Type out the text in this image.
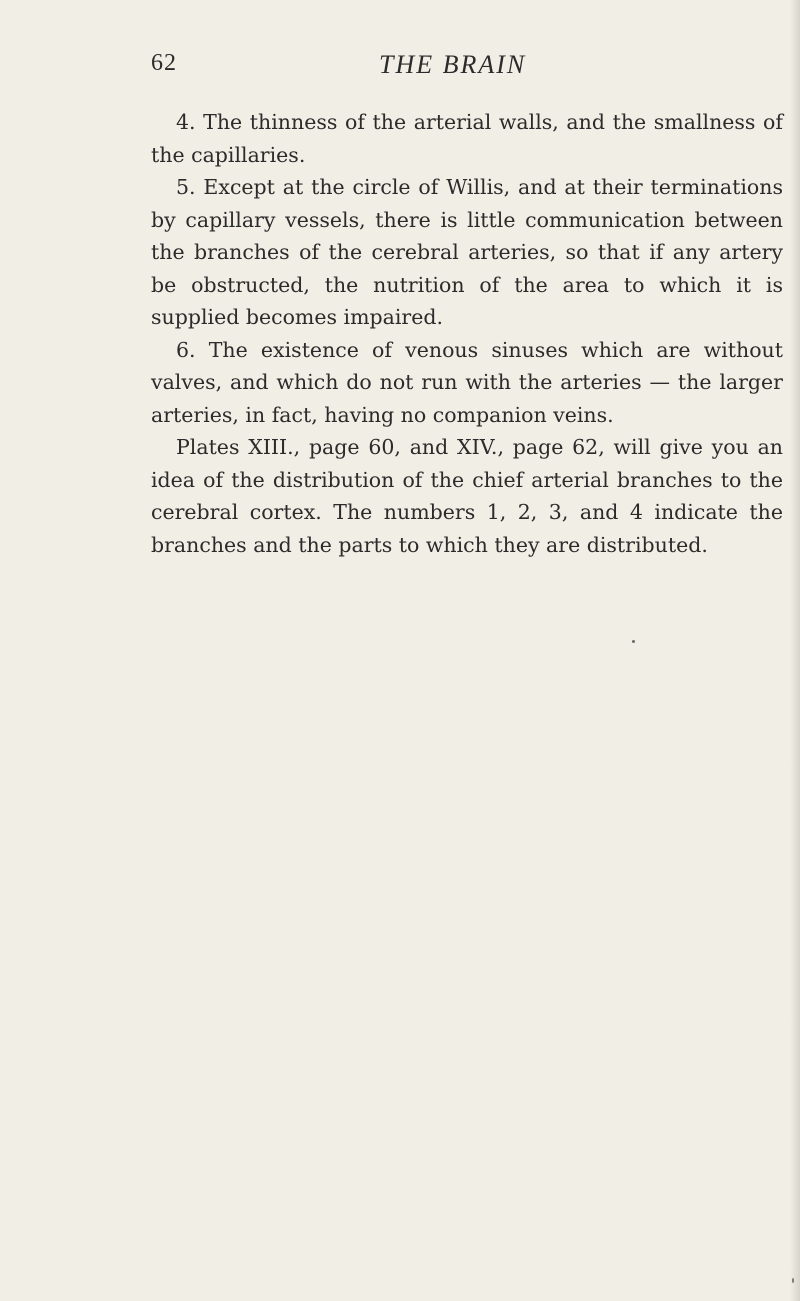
62	THE BRAIN

4. The thinness of the arterial walls, and the smallness of the capillaries.

5. Except at the circle of Willis, and at their terminations by capillary vessels, there is little communication between the branches of the cerebral arteries, so that if any artery be obstructed, the nutrition of the area to which it is supplied becomes impaired.

6. The existence of venous sinuses which are without valves, and which do not run with the arteries — the larger arteries, in fact, having no companion veins.

Plates XIII., page 60, and XIV., page 62, will give you an idea of the distribution of the chief arterial branches to the cerebral cortex. The numbers 1, 2, 3, and 4 indicate the branches and the parts to which they are distributed.
